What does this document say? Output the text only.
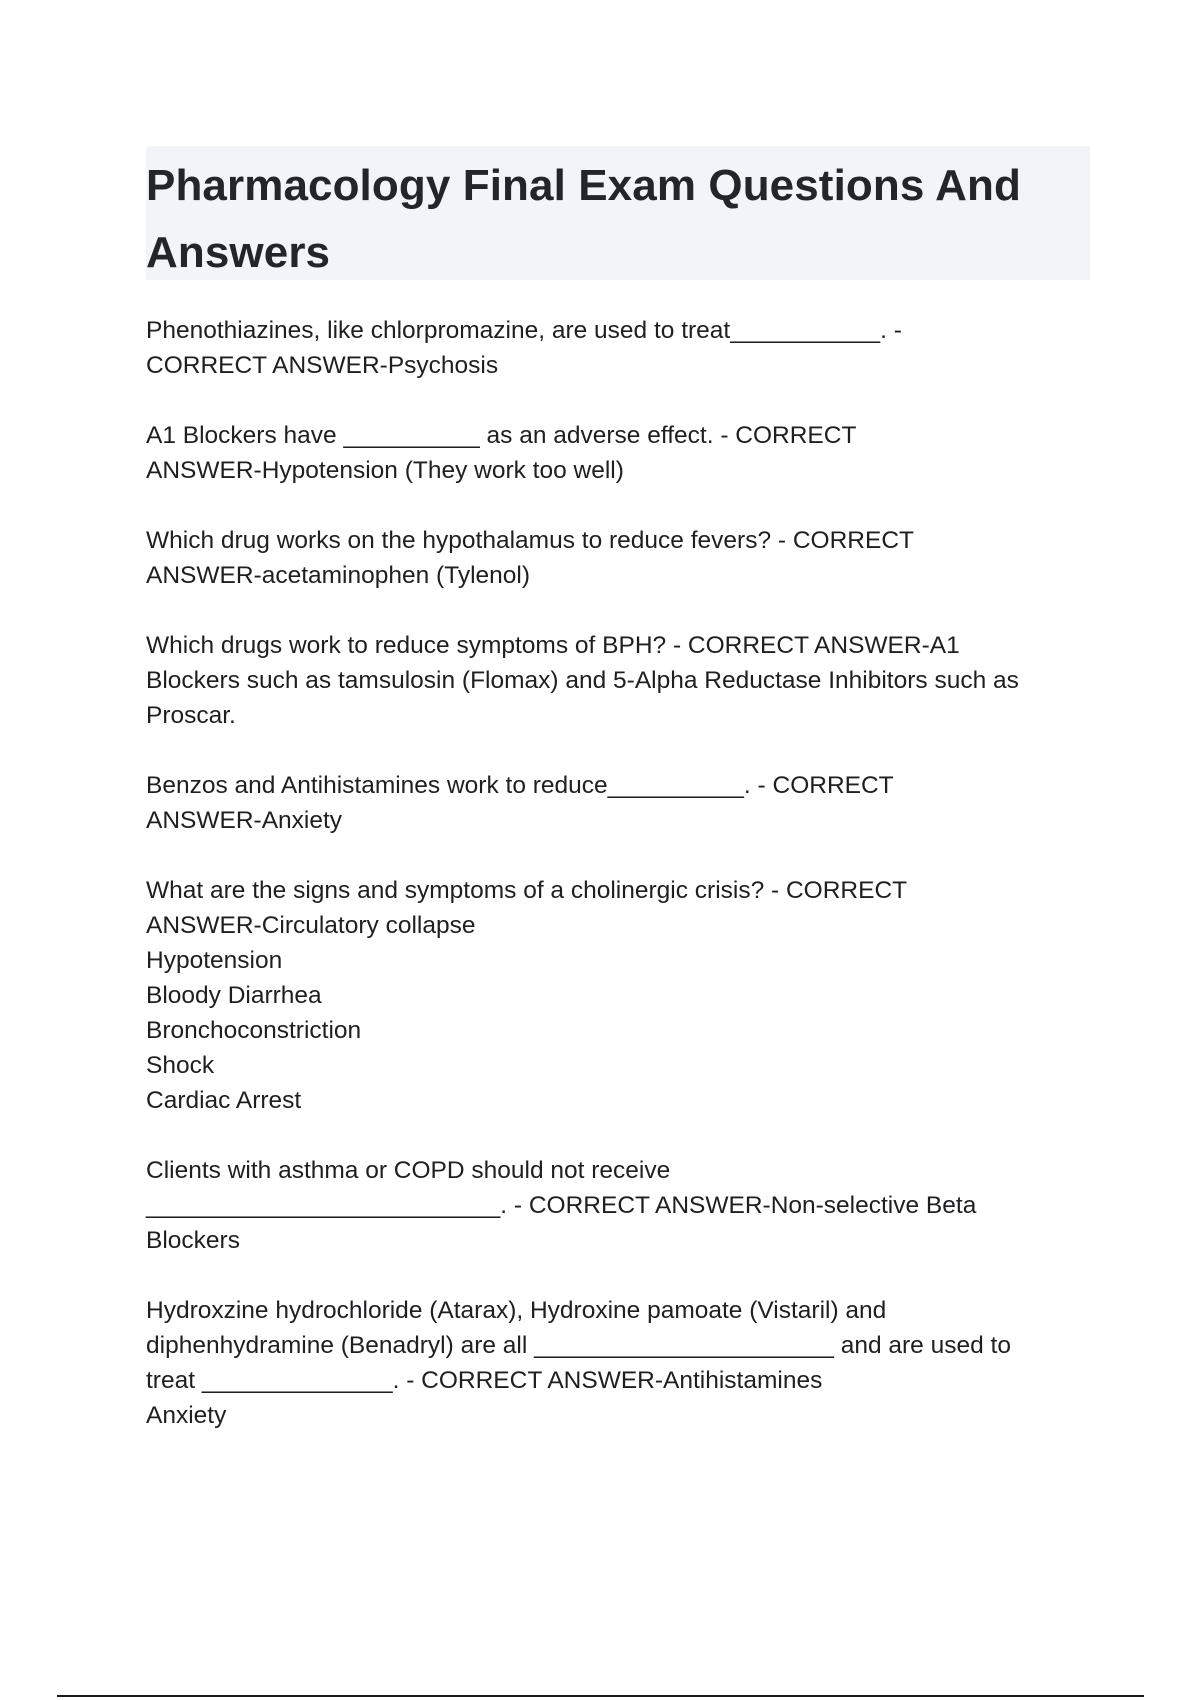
Pharmacology Final Exam Questions And Answers

Phenothiazines, like chlorpromazine, are used to treat___________. -

CORRECT ANSWER-Psychosis

A1 Blockers have __________ as an adverse effect. - CORRECT

ANSWER-Hypotension (They work too well)

Which drug works on the hypothalamus to reduce fevers? - CORRECT

ANSWER-acetaminophen (Tylenol)

Which drugs work to reduce symptoms of BPH? - CORRECT ANSWER-A1

Blockers such as tamsulosin (Flomax) and 5-Alpha Reductase Inhibitors such as

Proscar.

Benzos and Antihistamines work to reduce__________. - CORRECT

ANSWER-Anxiety

What are the signs and symptoms of a cholinergic crisis? - CORRECT

ANSWER-Circulatory collapse

Hypotension

Bloody Diarrhea

Bronchoconstriction

Shock

Cardiac Arrest

Clients with asthma or COPD should not receive

__________________________. - CORRECT ANSWER-Non-selective Beta

Blockers

Hydroxzine hydrochloride (Atarax), Hydroxine pamoate (Vistaril) and

diphenhydramine (Benadryl) are all ______________________ and are used to

treat ______________. - CORRECT ANSWER-Antihistamines

Anxiety
